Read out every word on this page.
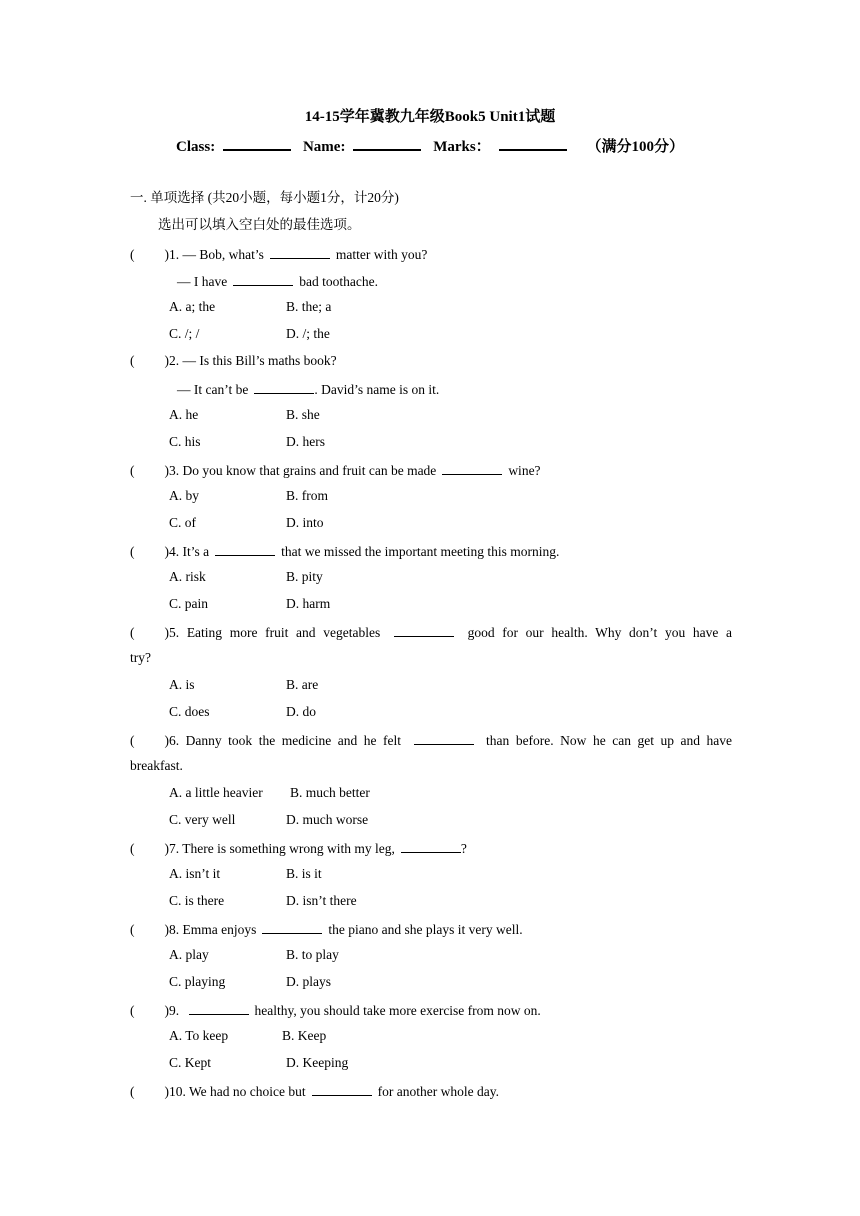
14-15学年冀教九年级Book5 Unit1试题
Class:	Name:	Marks：	（满分100分）
一. 单项选择 (共20小题，每小题1分，计20分)
选出可以填入空白处的最佳选项。
( )1. — Bob, what’s	matter with you?
— I have	bad toothache.
A. a; the	B. the; a
C. /; /	D. /; the
( )2. — Is this Bill’s maths book?
— It can’t be	. David’s name is on it.
A. he	B. she
C. his	D. hers
( )3. Do you know that grains and fruit can be made	wine?
A. by	B. from
C. of	D. into
( )4. It’s a	that we missed the important meeting this morning.
A. risk	B. pity
C. pain	D. harm
( )5. Eating more fruit and vegetables	good for our health. Why don’t you have a
try?
A. is	B. are
C. does	D. do
( )6. Danny took the medicine and he felt	than before. Now he can get up and have
breakfast.
A. a little heavier B. much better
C. very well	D. much worse
( )7. There is something wrong with my leg,	?
A. isn’t it	B. is it
C. is there	D. isn’t there
( )8. Emma enjoys	the piano and she plays it very well.
A. play	B. to play
C. playing	D. plays
( )9.	healthy, you should take more exercise from now on.
A. To keep	B. Keep
C. Kept	D. Keeping
( )10. We had no choice but	for another whole day.
